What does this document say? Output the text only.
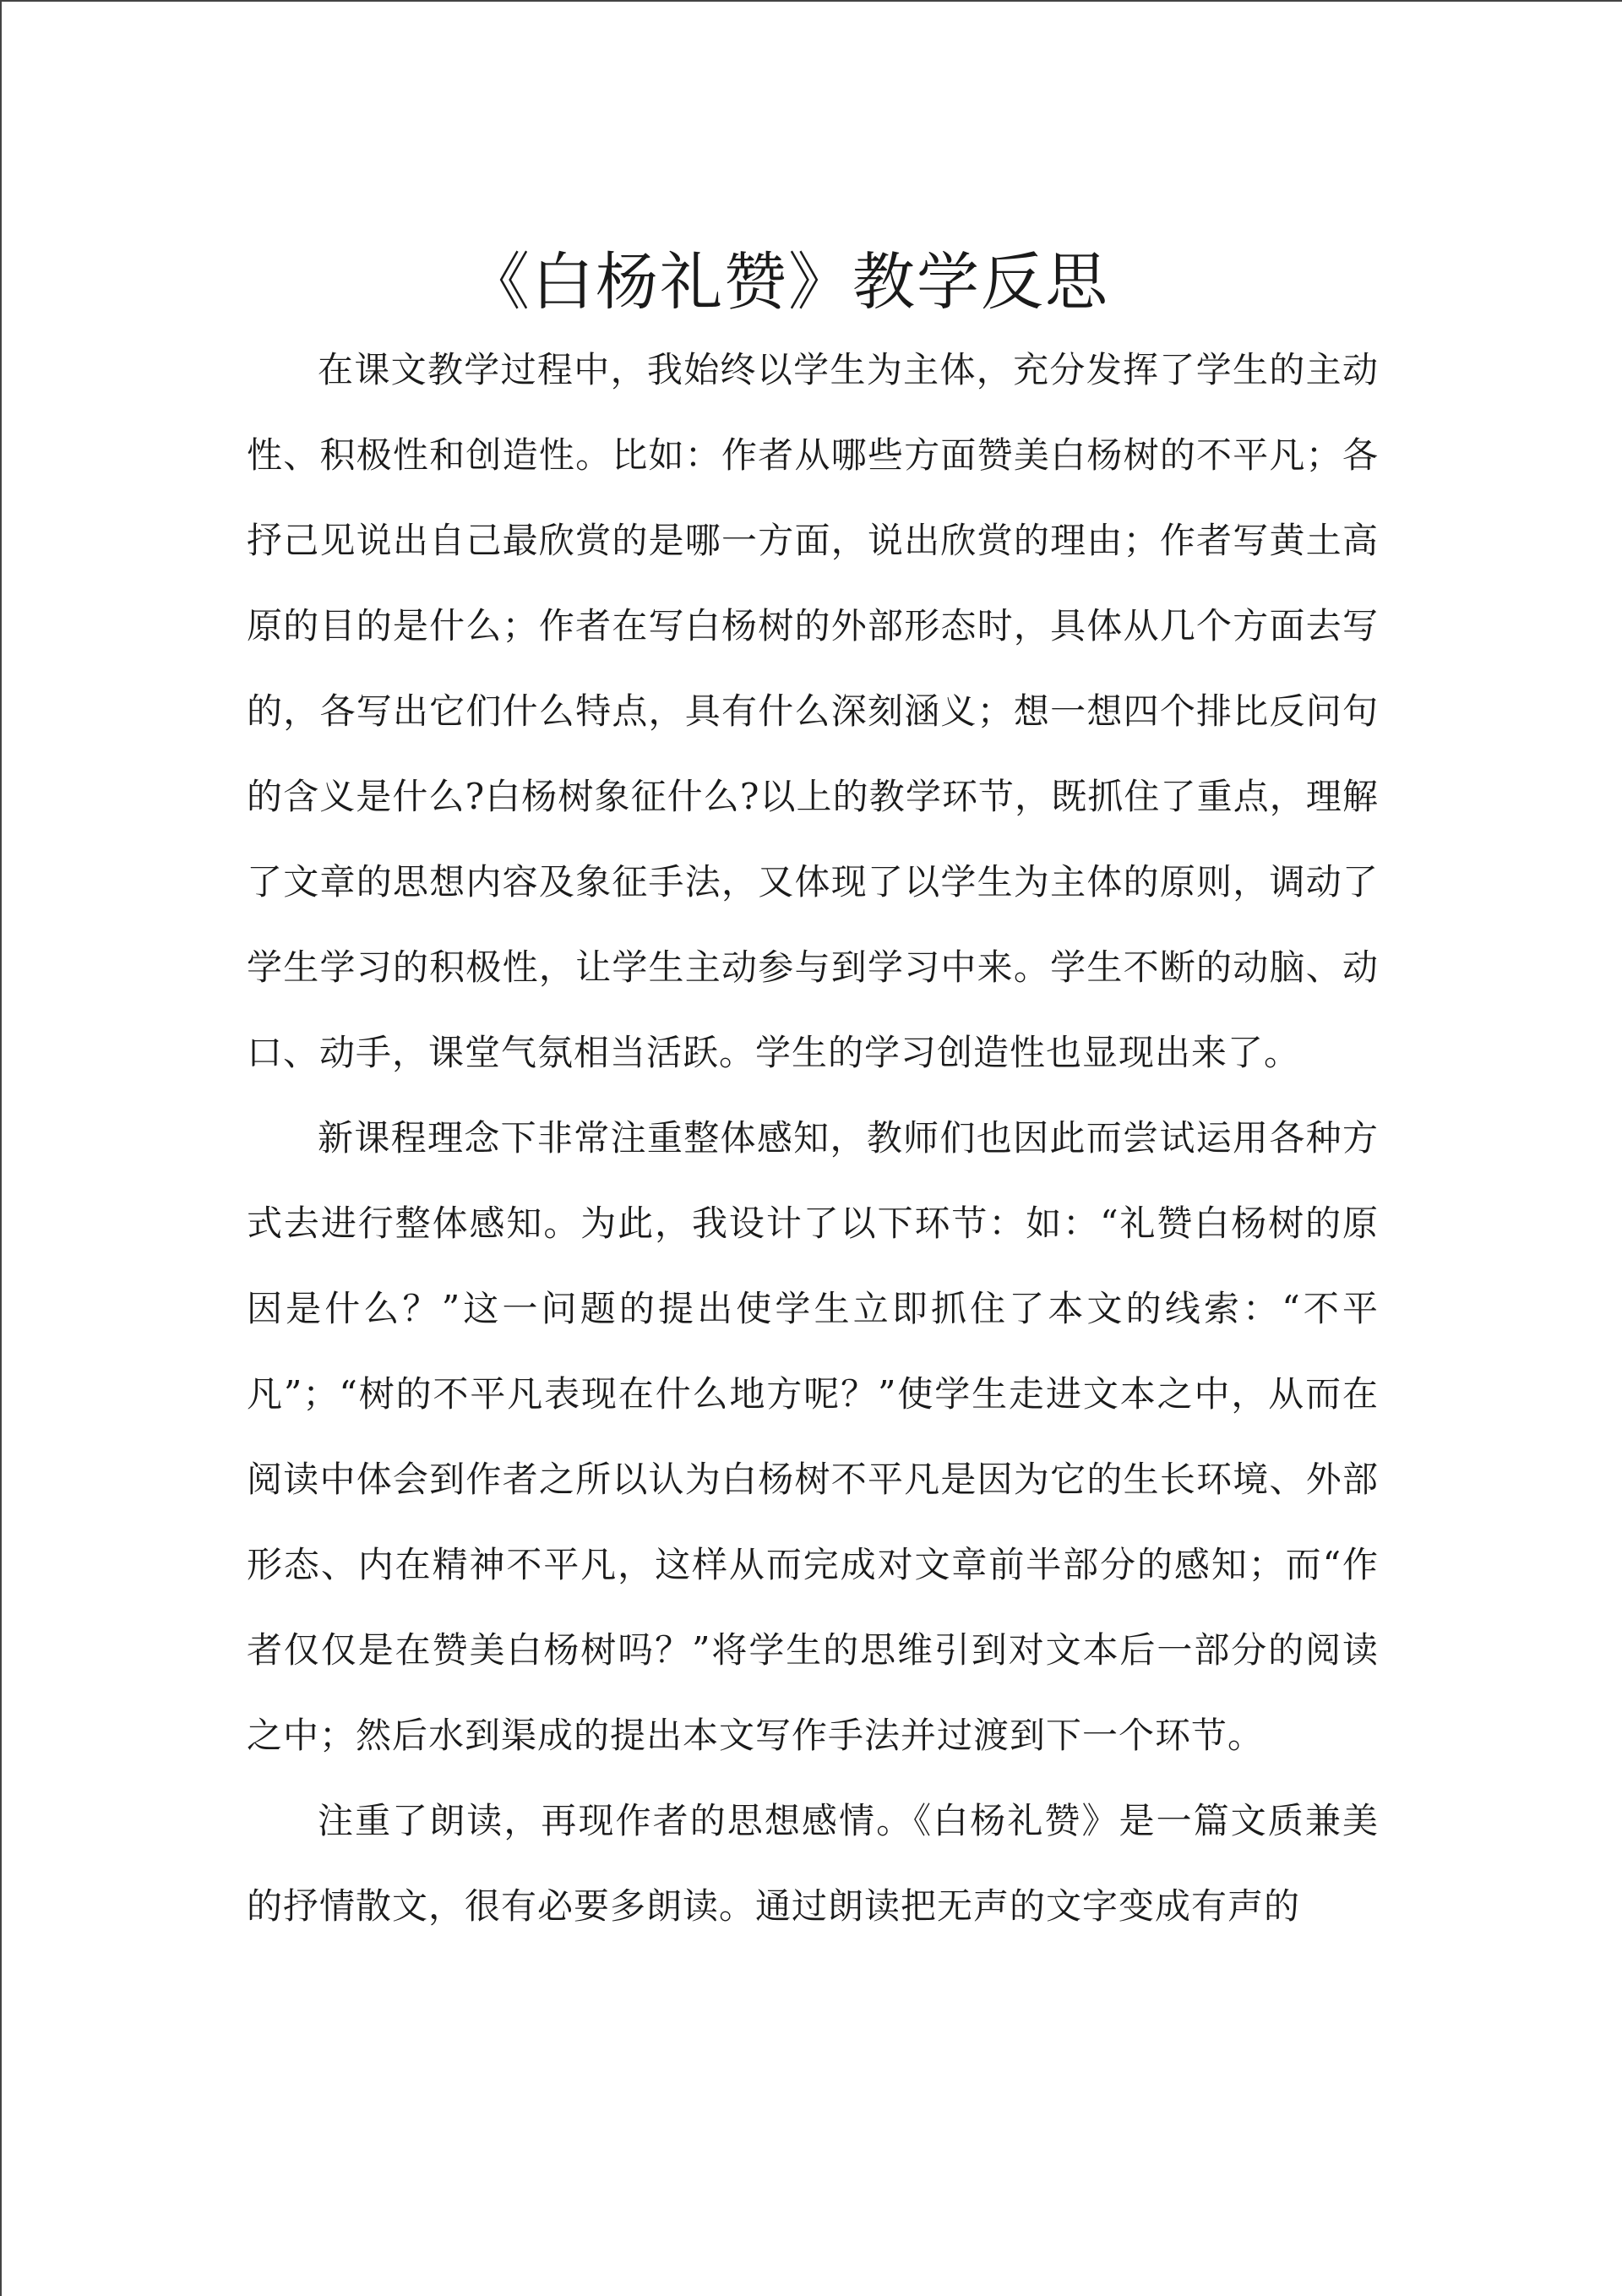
《白杨礼赞》教学反思

在课文教学过程中，我始终以学生为主体，充分发挥了学生的主动性、积极性和创造性。比如：作者从哪些方面赞美白杨树的不平凡；各抒己见说出自己最欣赏的是哪一方面，说出欣赏的理由；作者写黄土高原的目的是什么；作者在写白杨树的外部形态时，具体从几个方面去写的，各写出它们什么特点，具有什么深刻涵义；想一想四个排比反问句的含义是什么?白杨树象征什么?以上的教学环节，既抓住了重点，理解了文章的思想内容及象征手法，又体现了以学生为主体的原则，调动了学生学习的积极性，让学生主动参与到学习中来。学生不断的动脑、动口、动手，课堂气氛相当活跃。学生的学习创造性也显现出来了。

新课程理念下非常注重整体感知，教师们也因此而尝试运用各种方式去进行整体感知。为此，我设计了以下环节：如：“礼赞白杨树的原因是什么？”这一问题的提出使学生立即抓住了本文的线索：“不平凡”；“树的不平凡表现在什么地方呢？”使学生走进文本之中，从而在阅读中体会到作者之所以认为白杨树不平凡是因为它的生长环境、外部形态、内在精神不平凡，这样从而完成对文章前半部分的感知；而“作者仅仅是在赞美白杨树吗？”将学生的思维引到对文本后一部分的阅读之中；然后水到渠成的提出本文写作手法并过渡到下一个环节。

注重了朗读，再现作者的思想感情。《白杨礼赞》是一篇文质兼美的抒情散文，很有必要多朗读。通过朗读把无声的文字变成有声的
